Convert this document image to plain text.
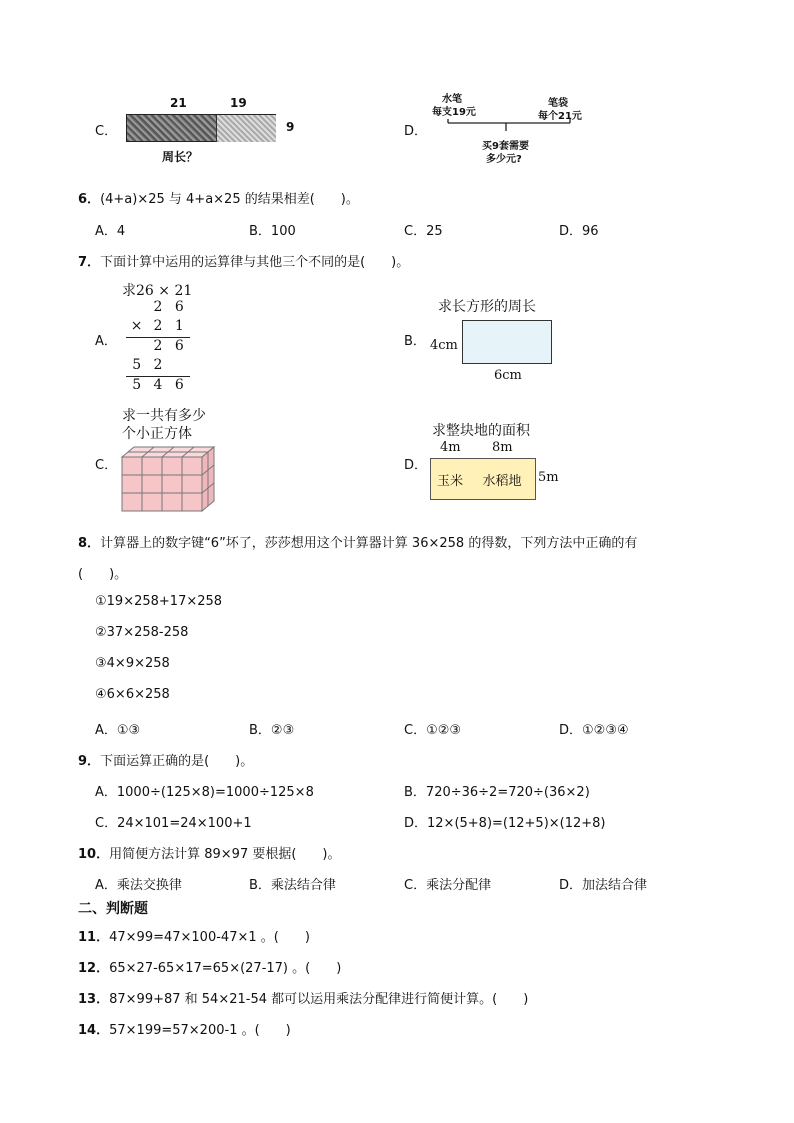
C．
21	19
9
周长？
D．
水笔
每支19元
笔袋
每个21元
买9套需要
多少元?
6．(4+a)×25 与 4+a×25 的结果相差(　　)。
A．4	B．100	C．25	D．96
7．下面计算中运用的运算律与其他三个不同的是(　　)。
A．
求26 × 21
2 6
× 2 1
2 6
5 2
5 4 6
B．
求长方形的周长
4cm
6cm
C．
求一共有多少
个小正方体
D．
求整块地的面积
4m 8m
玉米 水稻地 5m
8．计算器上的数字键“6”坏了，莎莎想用这个计算器计算 36×258 的得数，下列方法中正确的有
(　　)。
①19×258+17×258
②37×258-258
③4×9×258
④6×6×258
A．①③	B．②③	C．①②③	D．①②③④
9．下面运算正确的是(　　)。
A．1000÷(125×8)=1000÷125×8	B．720÷36÷2=720÷(36×2)
C．24×101=24×100+1	D．12×(5+8)=(12+5)×(12+8)
10．用简便方法计算 89×97 要根据(　　)。
A．乘法交换律	B．乘法结合律	C．乘法分配律	D．加法结合律
二、判断题
11．47×99=47×100-47×1 。(　　)
12．65×27-65×17=65×(27-17) 。(　　)
13．87×99+87 和 54×21-54 都可以运用乘法分配律进行简便计算。(　　)
14．57×199=57×200-1 。(　　)
